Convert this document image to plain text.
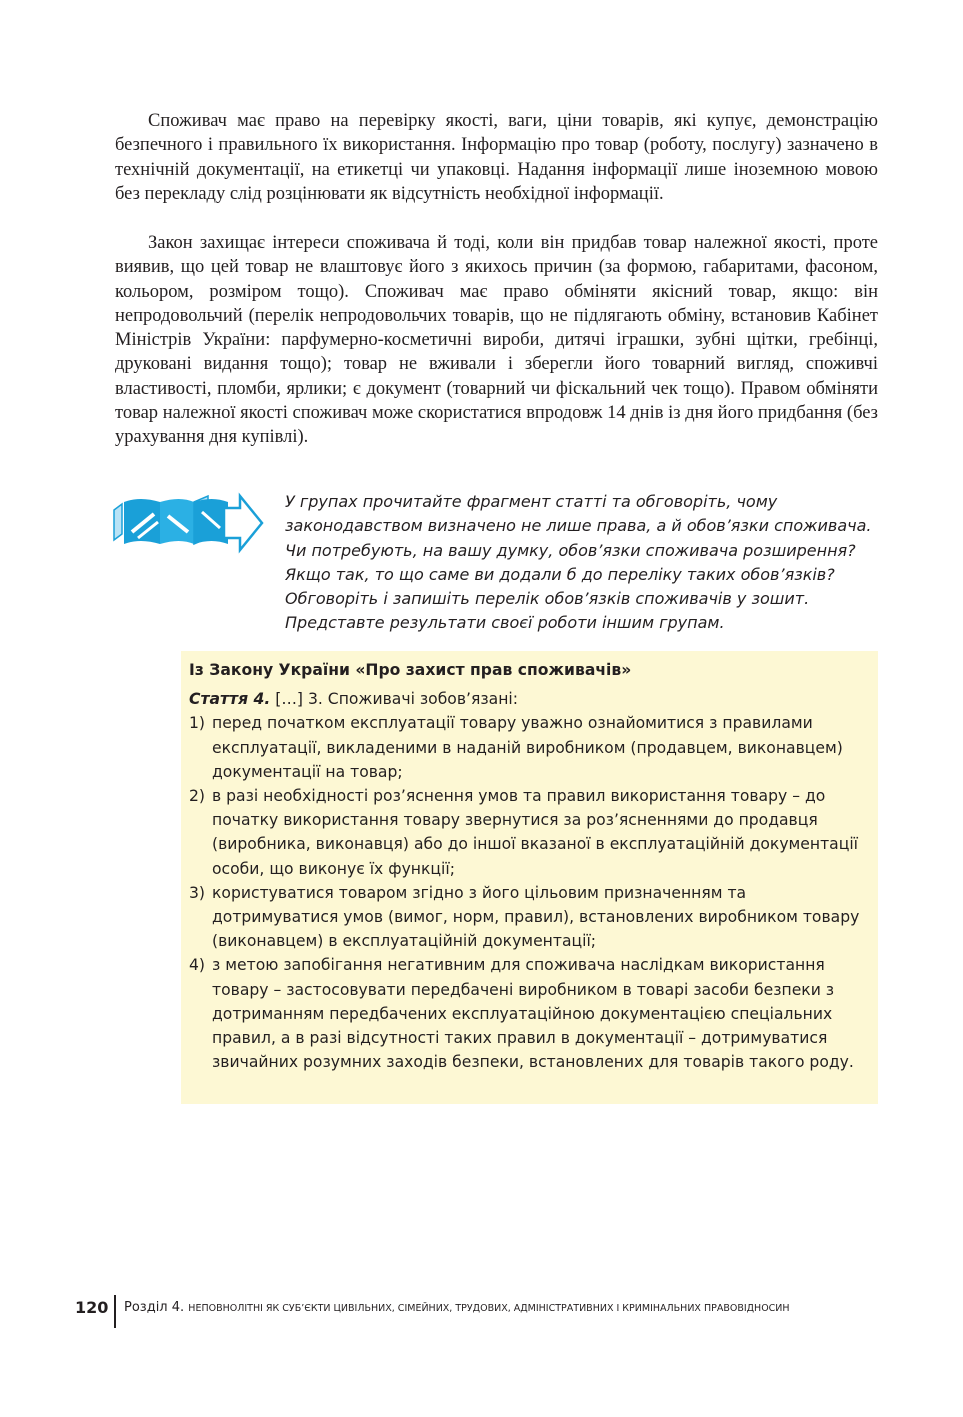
Споживач має право на перевірку якості, ваги, ціни товарів, які купує, демонстрацію безпечного і правильного їх використання. Інформацію про товар (роботу, послугу) зазначено в технічній документації, на етикетці чи упаковці. Надання інформації лише іноземною мовою без перекладу слід розцінювати як відсутність необхідної інформації.

Закон захищає інтереси споживача й тоді, коли він придбав товар належної якості, проте виявив, що цей товар не влаштовує його з якихось причин (за формою, габаритами, фасоном, кольором, розміром тощо). Споживач має право обміняти якісний товар, якщо: він непродовольчий (перелік непродовольчих товарів, що не підлягають обміну, встановив Кабінет Міністрів України: парфумерно-косметичні вироби, дитячі іграшки, зубні щітки, гребінці, друковані видання тощо); товар не вживали і зберегли його товарний вигляд, споживчі властивості, пломби, ярлики; є документ (товарний чи фіскальний чек тощо). Правом обміняти товар належної якості споживач може скористатися впродовж 14 днів із дня його придбання (без урахування дня купівлі).

У групах прочитайте фрагмент статті та обговоріть, чому
законодавством визначено не лише права, а й обов’язки споживача.
Чи потребують, на вашу думку, обов’язки споживача розширення?
Якщо так, то що саме ви додали б до переліку таких обов’язків?
Обговоріть і запишіть перелік обов’язків споживачів у зошит.
Представте результати своєї роботи іншим групам.

Із Закону України «Про захист прав споживачів»

Стаття 4. […] 3. Споживачі зобов’язані:

1) перед початком експлуатації товару уважно ознайомитися з правилами експлуатації, викладеними в наданій виробником (продавцем, виконавцем) документації на товар;
2) в разі необхідності роз’яснення умов та правил використання товару – до початку використання товару звернутися за роз’ясненнями до продавця (виробника, виконавця) або до іншої вказаної в експлуатаційній документації особи, що виконує їх функції;
3) користуватися товаром згідно з його цільовим призначенням та дотримуватися умов (вимог, норм, правил), встановлених виробником товару (виконавцем) в експлуатаційній документації;
4) з метою запобігання негативним для споживача наслідкам використання товару – застосовувати передбачені виробником в товарі засоби безпеки з дотриманням передбачених експлуатаційною документацією спеціальних правил, а в разі відсутності таких правил в документації – дотримуватися звичайних розумних заходів безпеки, встановлених для товарів такого роду.
120 Розділ 4. НЕПОВНОЛІТНІ ЯК СУБ’ЄКТИ ЦИВІЛЬНИХ, СІМЕЙНИХ, ТРУДОВИХ, АДМІНІСТРАТИВНИХ І КРИМІНАЛЬНИХ ПРАВОВІДНОСИН
